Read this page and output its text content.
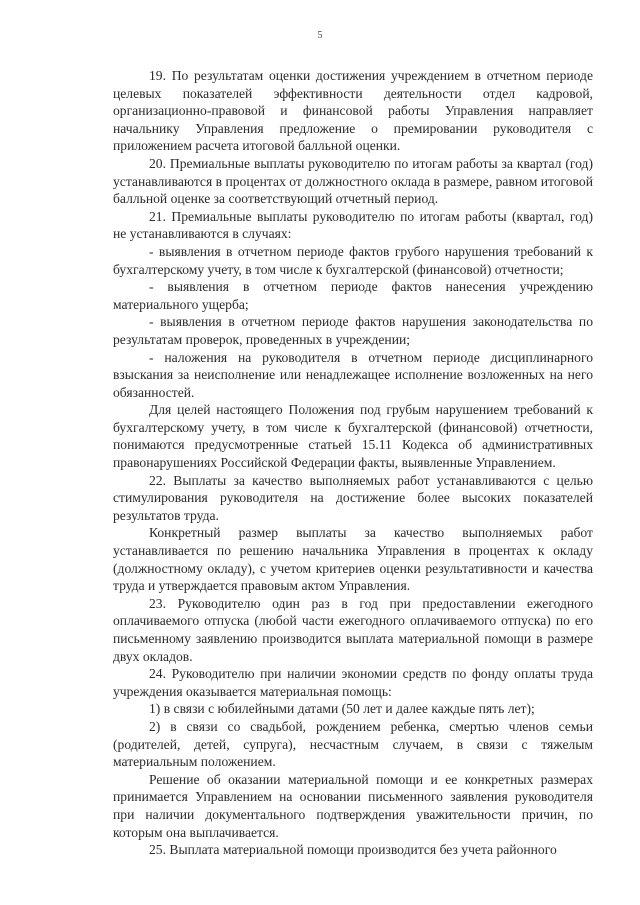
5

19. По результатам оценки достижения учреждением в отчетном периоде целевых показателей эффективности деятельности отдел кадровой, организационно-правовой и финансовой работы Управления направляет начальнику Управления предложение о премировании руководителя с приложением расчета итоговой балльной оценки.

20. Премиальные выплаты руководителю по итогам работы за квартал (год) устанавливаются в процентах от должностного оклада в размере, равном итоговой балльной оценке за соответствующий отчетный период.

21. Премиальные выплаты руководителю по итогам работы (квартал, год) не устанавливаются в случаях:

- выявления в отчетном периоде фактов грубого нарушения требований к бухгалтерскому учету, в том числе к бухгалтерской (финансовой) отчетности;

- выявления в отчетном периоде фактов нанесения учреждению материального ущерба;

- выявления в отчетном периоде фактов нарушения законодательства по результатам проверок, проведенных в учреждении;

- наложения на руководителя в отчетном периоде дисциплинарного взыскания за неисполнение или ненадлежащее исполнение возложенных на него обязанностей.

Для целей настоящего Положения под грубым нарушением требований к бухгалтерскому учету, в том числе к бухгалтерской (финансовой) отчетности, понимаются предусмотренные статьей 15.11 Кодекса об административных правонарушениях Российской Федерации факты, выявленные Управлением.

22. Выплаты за качество выполняемых работ устанавливаются с целью стимулирования руководителя на достижение более высоких показателей результатов труда.

Конкретный размер выплаты за качество выполняемых работ устанавливается по решению начальника Управления в процентах к окладу (должностному окладу), с учетом критериев оценки результативности и качества труда и утверждается правовым актом Управления.

23. Руководителю один раз в год при предоставлении ежегодного оплачиваемого отпуска (любой части ежегодного оплачиваемого отпуска) по его письменному заявлению производится выплата материальной помощи в размере двух окладов.

24. Руководителю при наличии экономии средств по фонду оплаты труда учреждения оказывается материальная помощь:

1) в связи с юбилейными датами (50 лет и далее каждые пять лет);

2) в связи со свадьбой, рождением ребенка, смертью членов семьи (родителей, детей, супруга), несчастным случаем, в связи с тяжелым материальным положением.

Решение об оказании материальной помощи и ее конкретных размерах принимается Управлением на основании письменного заявления руководителя при наличии документального подтверждения уважительности причин, по которым она выплачивается.

25. Выплата материальной помощи производится без учета районного
